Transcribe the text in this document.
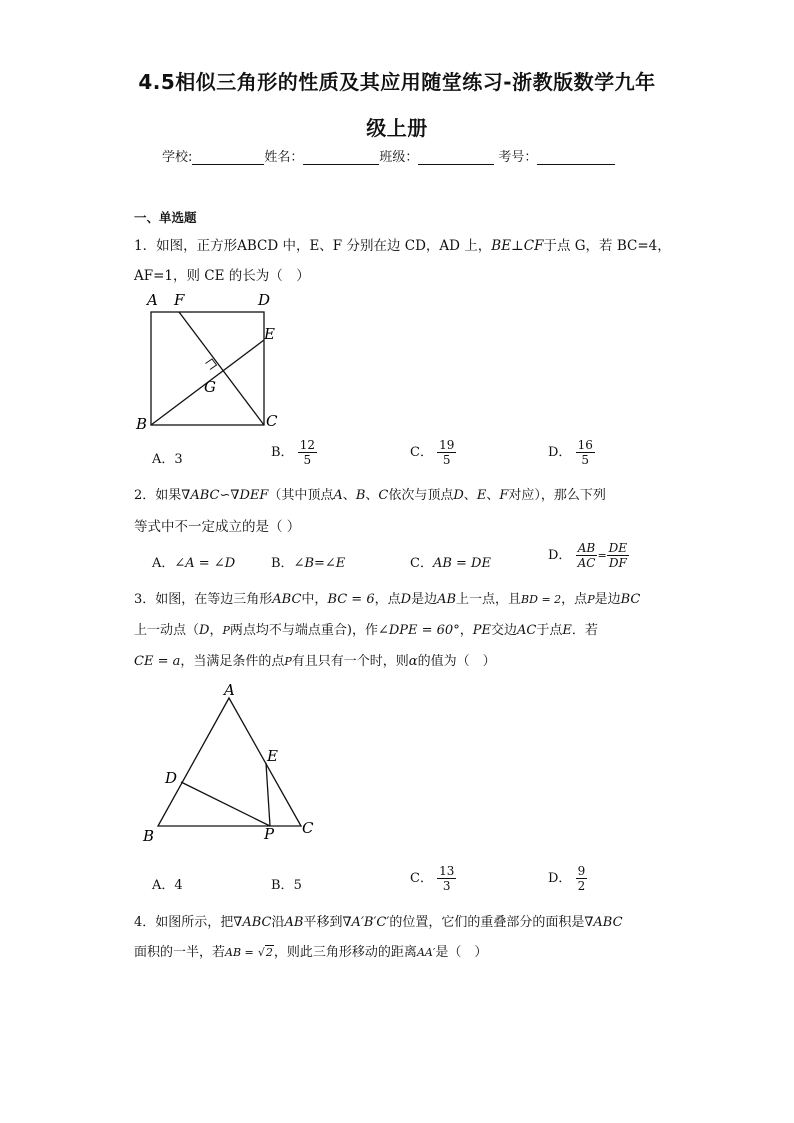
4.5相似三角形的性质及其应用随堂练习-浙教版数学九年
级上册
学校:	姓名：	班级：	考号：
一、单选题
1．如图，正方形ABCD 中，E、F 分别在边 CD，AD 上，BE⊥CF于点 G，若 BC=4，
AF=1，则 CE 的长为（　）
A F	D
E
G
B	C
A．3	B． $\frac{12}{5}$	C． $\frac{19}{5}$	D． $\frac{16}{5}$
2．如果∇ABC∽∇DEF（其中顶点A、B、C依次与顶点D、E、F对应），那么下列
等式中不一定成立的是（ ）
A．∠A = ∠D	B．∠B=∠E	C．AB = DE
D． $\frac{AB}{AC} = \frac{DE}{DF}$
3．如图，在等边三角形ABC中，BC = 6，点D是边AB上一点，且BD = 2，点P是边BC
上一动点（D，P两点均不与端点重合)，作∠DPE = 60°，PE交边AC于点E．若
CE = a，当满足条件的点P有且只有一个时，则α的值为（　）
A
E
D
B	P C
A．4	B．5	C． $\frac{13}{3}$	D． $\frac{9}{2}$
4．如图所示，把∇ABC沿AB平移到∇A′B′C′的位置，它们的重叠部分的面积是∇ABC
面积的一半，若AB = √2，则此三角形移动的距离AA′是（　）
